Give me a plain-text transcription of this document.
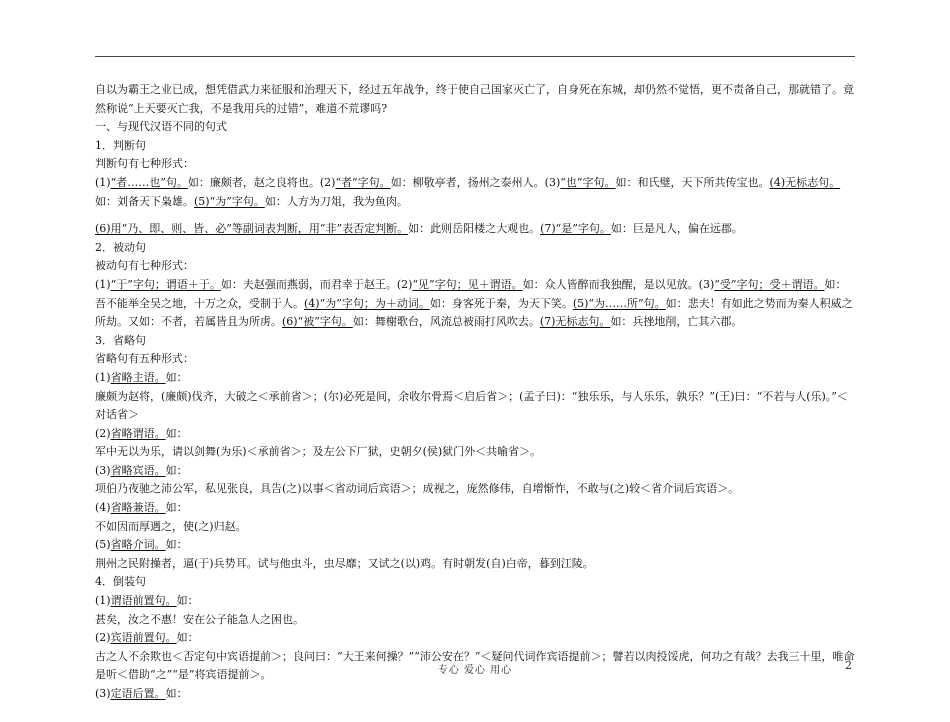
自以为霸王之业已成，想凭借武力来征服和治理天下，经过五年战争，终于使自己国家灭亡了，自身死在东城，却仍然不觉悟，更不责备自己，那就错了。竟然称说“上天要灭亡我，不是我用兵的过错”，难道不荒谬吗?

一、与现代汉语不同的句式

1．判断句

判断句有七种形式：

(1)“者……也”句。如：廉颇者，赵之良将也。(2)“者”字句。如：柳敬亭者，扬州之泰州人。(3)“也”字句。如：和氏璧，天下所共传宝也。(4)无标志句。如：刘备天下枭雄。(5)“为”字句。如：人方为刀俎，我为鱼肉。

(6)用“乃、即、则、皆、必”等副词表判断，用“非”表否定判断。如：此则岳阳楼之大观也。(7)“是”字句。如：巨是凡人，偏在远郡。

2．被动句

被动句有七种形式：

(1)“于”字句；谓语＋于。如：夫赵强而燕弱，而君幸于赵王。(2)“见”字句；见＋谓语。如：众人皆醉而我独醒，是以见放。(3)“受”字句；受＋谓语。如：吾不能举全吴之地，十万之众，受制于人。(4)“为”字句；为＋动词。如：身客死于秦，为天下笑。(5)“为……所”句。如：悲夫！有如此之势而为秦人积威之所劫。又如：不者，若属皆且为所虏。(6)“被”字句。如：舞榭歌台，风流总被雨打风吹去。(7)无标志句。如：兵挫地削，亡其六郡。

3．省略句

省略句有五种形式：

(1)省略主语。如：

廉颇为赵将，(廉颇)伐齐，大破之＜承前省＞；(尔)必死是间，余收尔骨焉＜启后省＞；(孟子曰)：“独乐乐，与人乐乐，孰乐？”(王)曰：“不若与人(乐)。”＜对话省＞

(2)省略谓语。如：

军中无以为乐，请以剑舞(为乐)＜承前省＞；及左公下厂狱，史朝夕(侯)狱门外＜共喻省＞。

(3)省略宾语。如：

项伯乃夜驰之沛公军，私见张良，具告(之)以事＜省动词后宾语＞；成视之，庞然修伟，自增惭怍，不敢与(之)较＜省介词后宾语＞。

(4)省略兼语。如：

不如因而厚遇之，使(之)归赵。

(5)省略介词。如：

荆州之民附操者，逼(于)兵势耳。试与他虫斗，虫尽靡；又试之(以)鸡。有时朝发(自)白帝，暮到江陵。

4．倒装句

(1)谓语前置句。如：

甚矣，汝之不惠！安在公子能急人之困也。

(2)宾语前置句。如：

古之人不余欺也＜否定句中宾语提前＞；良问曰：“大王来何操？”“沛公安在？”＜疑问代词作宾语提前＞；譬若以肉投馁虎，何功之有哉？去我三十里，唯命是听＜借助“之”“是”将宾语提前＞。

(3)定语后置。如：

专心 爱心 用心	2
